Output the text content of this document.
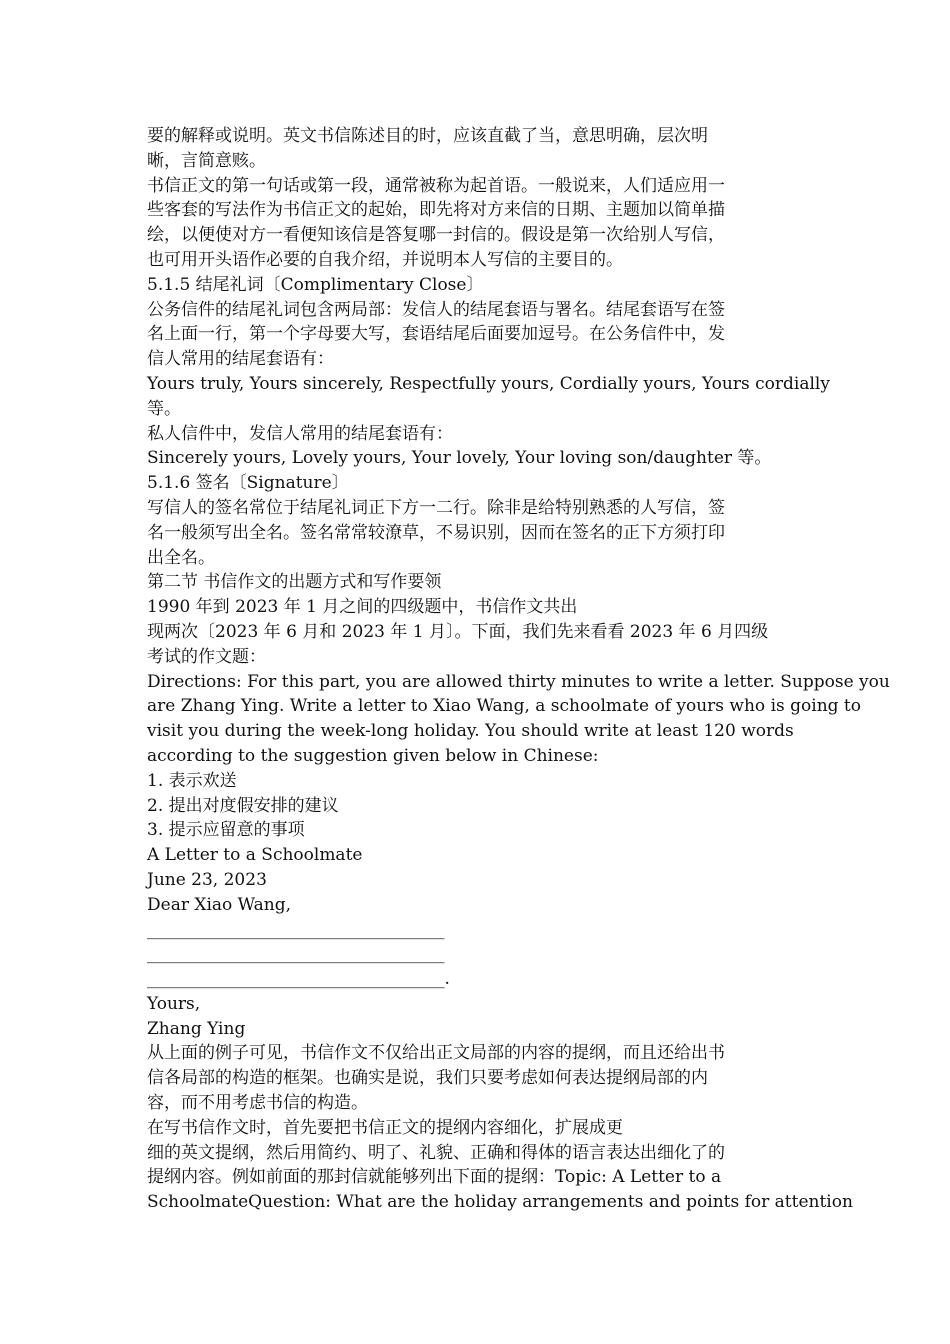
要的解释或说明。英文书信陈述目的时，应该直截了当，意思明确，层次明
晰，言简意赅。
书信正文的第一句话或第一段，通常被称为起首语。一般说来，人们适应用一
些客套的写法作为书信正文的起始，即先将对方来信的日期、主题加以简单描
绘，以便使对方一看便知该信是答复哪一封信的。假设是第一次给别人写信，
也可用开头语作必要的自我介绍，并说明本人写信的主要目的。
5.1.5 结尾礼词〔Complimentary Close〕
公务信件的结尾礼词包含两局部：发信人的结尾套语与署名。结尾套语写在签
名上面一行，第一个字母要大写，套语结尾后面要加逗号。在公务信件中，发
信人常用的结尾套语有：
Yours truly, Yours sincerely, Respectfully yours, Cordially yours, Yours cordially
等。
私人信件中，发信人常用的结尾套语有：
Sincerely yours, Lovely yours, Your lovely, Your loving son/daughter 等。
5.1.6 签名〔Signature〕
写信人的签名常位于结尾礼词正下方一二行。除非是给特别熟悉的人写信，签
名一般须写出全名。签名常常较潦草，不易识别，因而在签名的正下方须打印
出全名。
第二节 书信作文的出题方式和写作要领
1990 年到 2023 年 1 月之间的四级题中，书信作文共出
现两次〔2023 年 6 月和 2023 年 1 月〕。下面，我们先来看看 2023 年 6 月四级
考试的作文题：
Directions: For this part, you are allowed thirty minutes to write a letter. Suppose you
are Zhang Ying. Write a letter to Xiao Wang, a schoolmate of yours who is going to
visit you during the week-long holiday. You should write at least 120 words
according to the suggestion given below in Chinese:
1. 表示欢送
2. 提出对度假安排的建议
3. 提示应留意的事项
A Letter to a Schoolmate
June 23, 2023
Dear Xiao Wang,
___________________________________
___________________________________
___________________________________.
Yours,
Zhang Ying
从上面的例子可见，书信作文不仅给出正文局部的内容的提纲，而且还给出书
信各局部的构造的框架。也确实是说，我们只要考虑如何表达提纲局部的内
容，而不用考虑书信的构造。
在写书信作文时，首先要把书信正文的提纲内容细化，扩展成更
细的英文提纲，然后用简约、明了、礼貌、正确和得体的语言表达出细化了的
提纲内容。例如前面的那封信就能够列出下面的提纲：Topic: A Letter to a
SchoolmateQuestion: What are the holiday arrangements and points for attention
